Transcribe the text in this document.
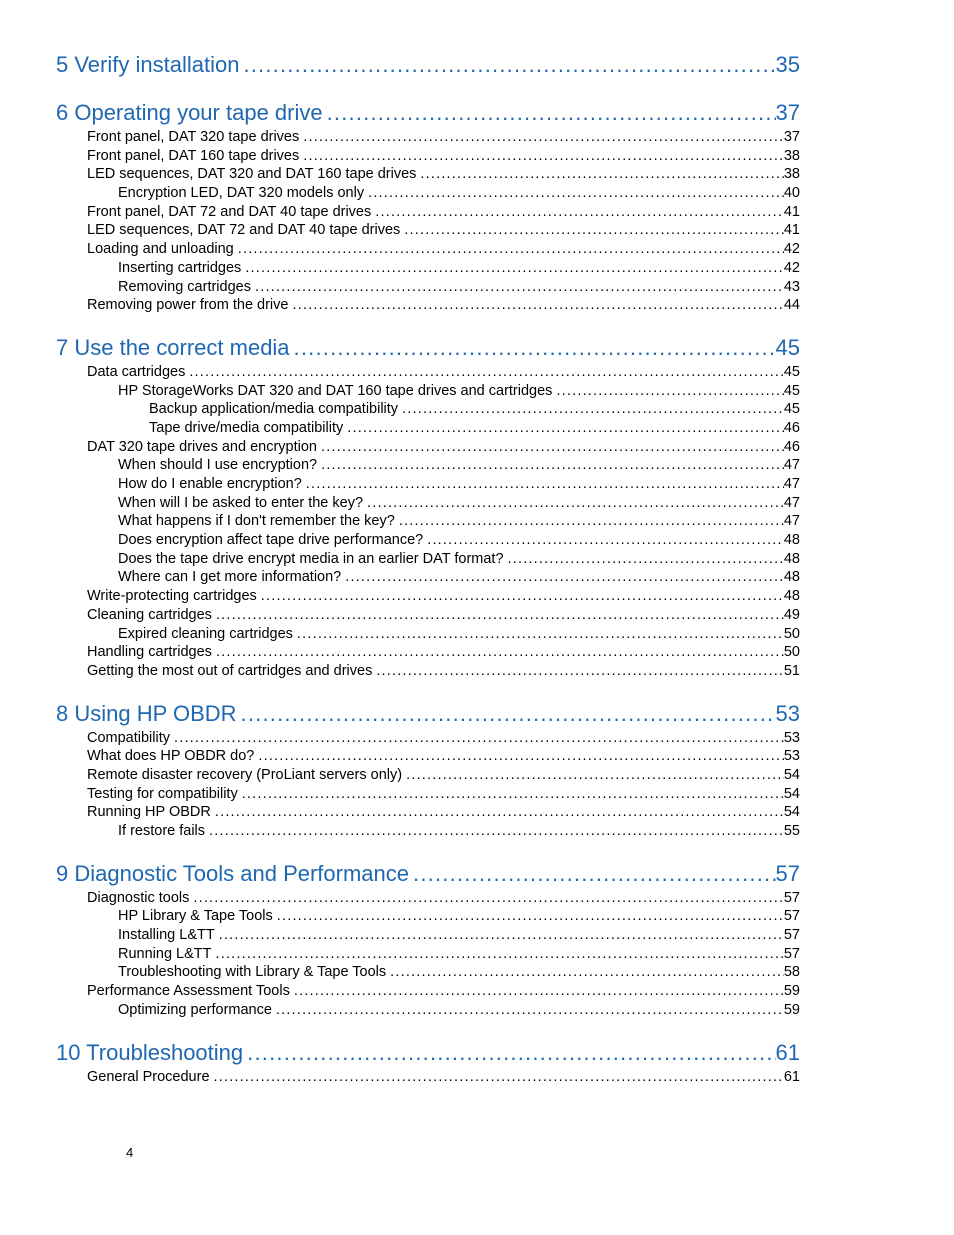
5 Verify installation .....	35
6 Operating your tape drive .....	37
Front panel, DAT 320 tape drives .....	37
Front panel, DAT 160 tape drives .....	38
LED sequences, DAT 320 and DAT 160 tape drives .....	38
Encryption LED, DAT 320 models only .....	40
Front panel, DAT 72 and DAT 40 tape drives .....	41
LED sequences, DAT 72 and DAT 40 tape drives .....	41
Loading and unloading .....	42
Inserting cartridges .....	42
Removing cartridges .....	43
Removing power from the drive .....	44
7 Use the correct media .....	45
Data cartridges .....	45
HP StorageWorks DAT 320 and DAT 160 tape drives and cartridges .....	45
Backup application/media compatibility .....	45
Tape drive/media compatibility .....	46
DAT 320 tape drives and encryption .....	46
When should I use encryption? .....	47
How do I enable encryption? .....	47
When will I be asked to enter the key? .....	47
What happens if I don't remember the key? .....	47
Does encryption affect tape drive performance? .....	48
Does the tape drive encrypt media in an earlier DAT format? .....	48
Where can I get more information? .....	48
Write-protecting cartridges .....	48
Cleaning cartridges .....	49
Expired cleaning cartridges .....	50
Handling cartridges .....	50
Getting the most out of cartridges and drives .....	51
8 Using HP OBDR .....	53
Compatibility .....	53
What does HP OBDR do? .....	53
Remote disaster recovery (ProLiant servers only) .....	54
Testing for compatibility .....	54
Running HP OBDR .....	54
If restore fails .....	55
9 Diagnostic Tools and Performance .....	57
Diagnostic tools .....	57
HP Library & Tape Tools .....	57
Installing L&TT .....	57
Running L&TT .....	57
Troubleshooting with Library & Tape Tools .....	58
Performance Assessment Tools .....	59
Optimizing performance .....	59
10 Troubleshooting .....	61
General Procedure .....	61
4
